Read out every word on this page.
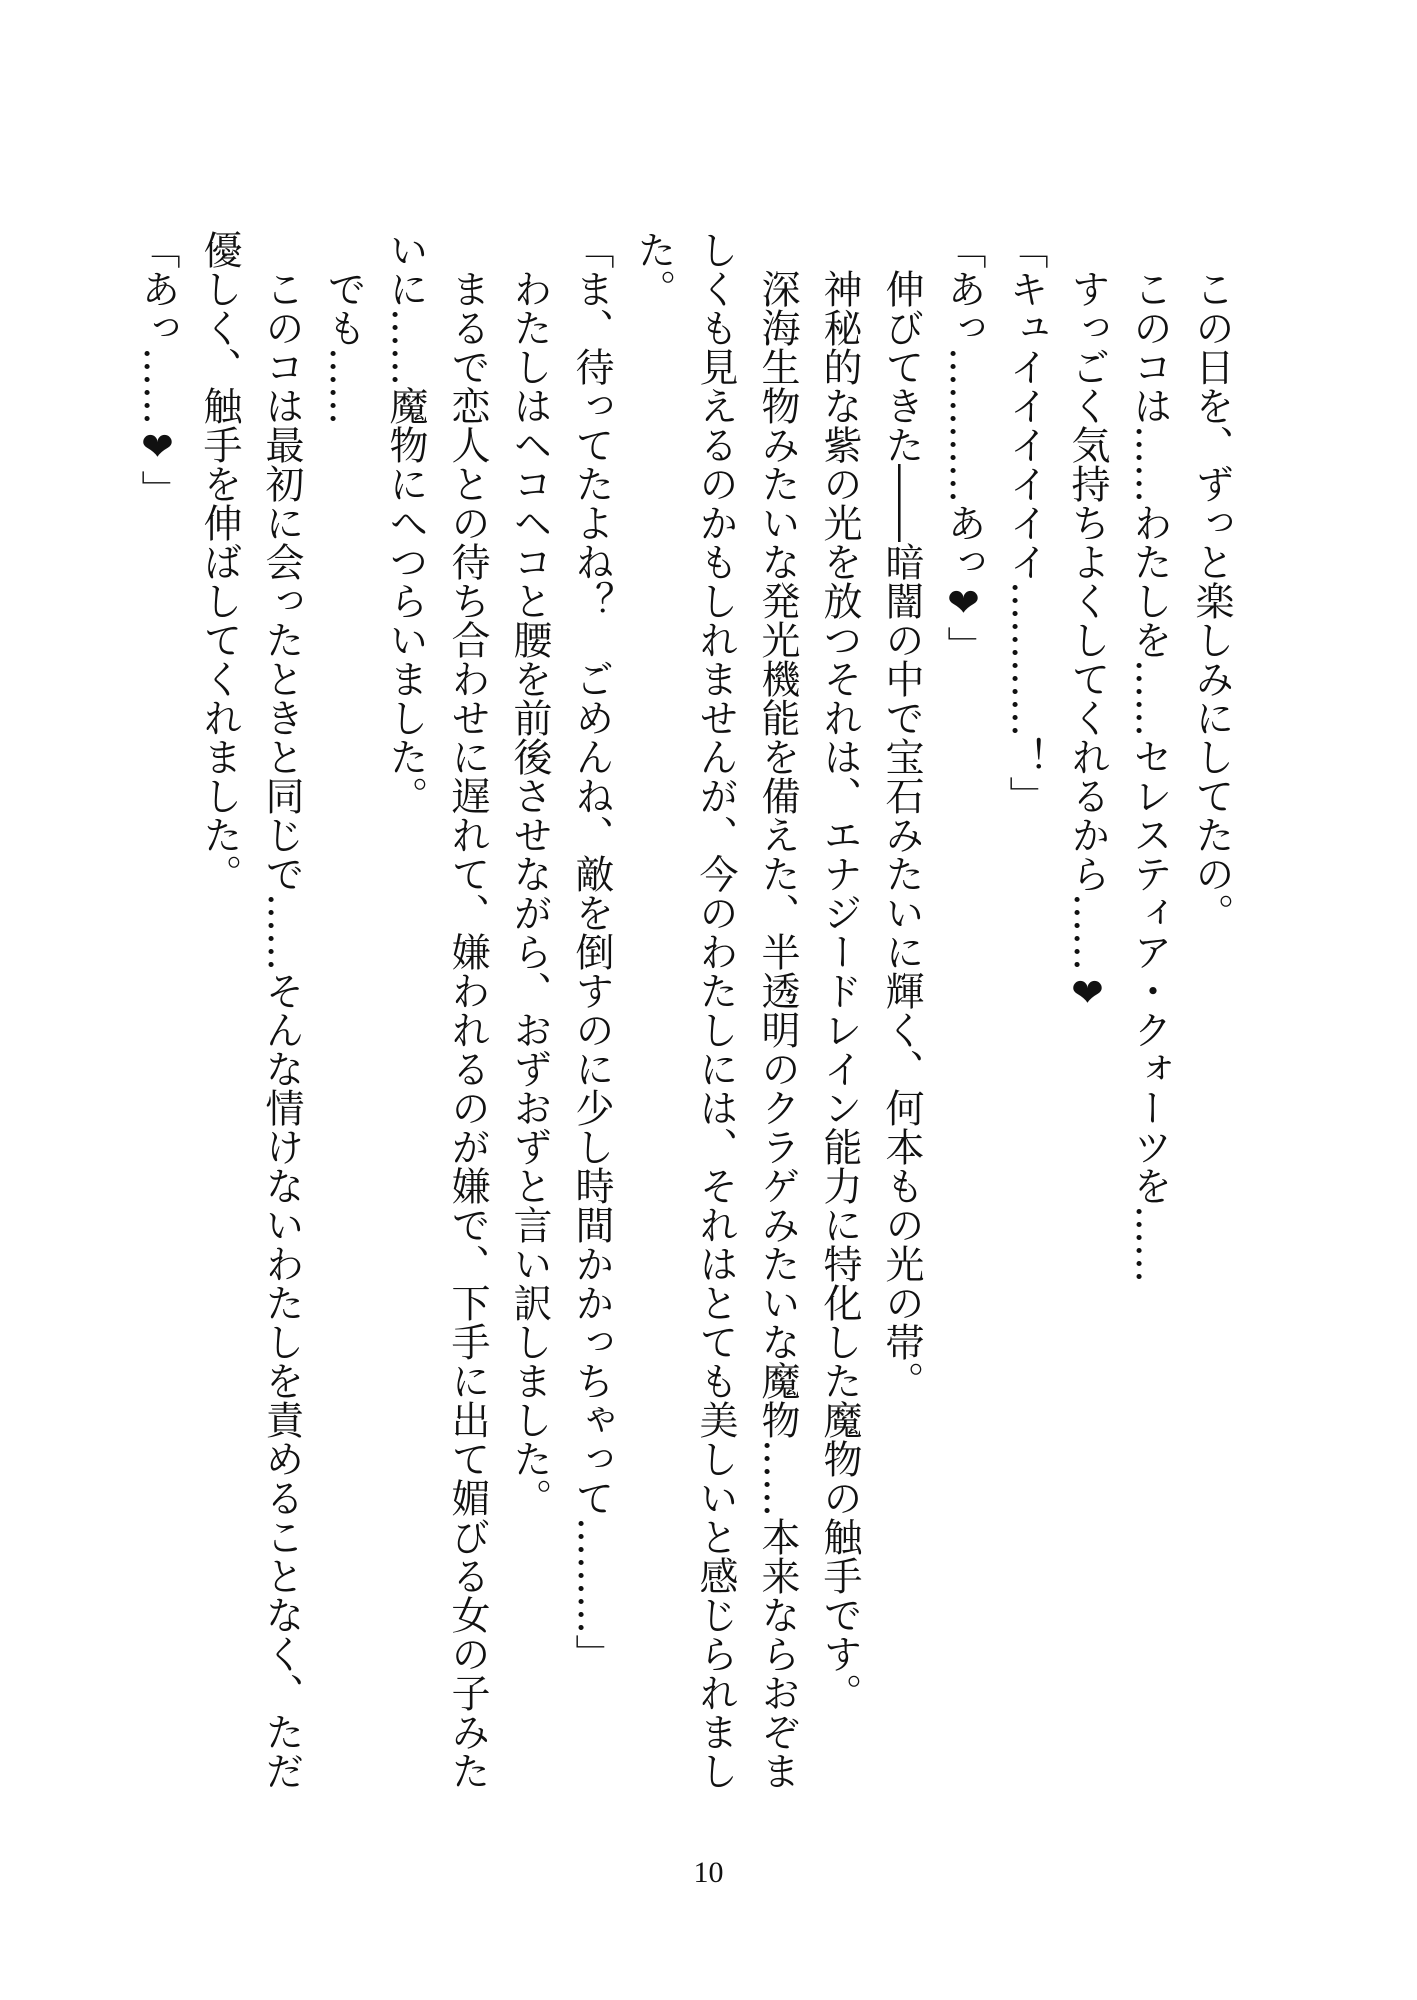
　この日を、ずっと楽しみにしてたの。
　このコは……わたしを……セレスティア・クォーツを……
　すっごく気持ちよくしてくれるから……❤
「キュイイイイイイ…………！」
「あっ…………あっ❤」
　伸びてきた――暗闇の中で宝石みたいに輝く、何本もの光の帯。
　神秘的な紫の光を放つそれは、エナジードレイン能力に特化した魔物の触手です。
　深海生物みたいな発光機能を備えた、半透明のクラゲみたいな魔物……本来ならおぞましくも見えるのかもしれませんが、今のわたしには、それはとても美しいと感じられました。
「ま、待ってたよね？　ごめんね、敵を倒すのに少し時間かかっちゃって………」
　わたしはヘコヘコと腰を前後させながら、おずおずと言い訳しました。
　まるで恋人との待ち合わせに遅れて、嫌われるのが嫌で、下手に出て媚びる女の子みたいに……魔物にへつらいました。
　でも……
　このコは最初に会ったときと同じで……そんな情けないわたしを責めることなく、ただ優しく、触手を伸ばしてくれました。
「あっ……❤」
10
